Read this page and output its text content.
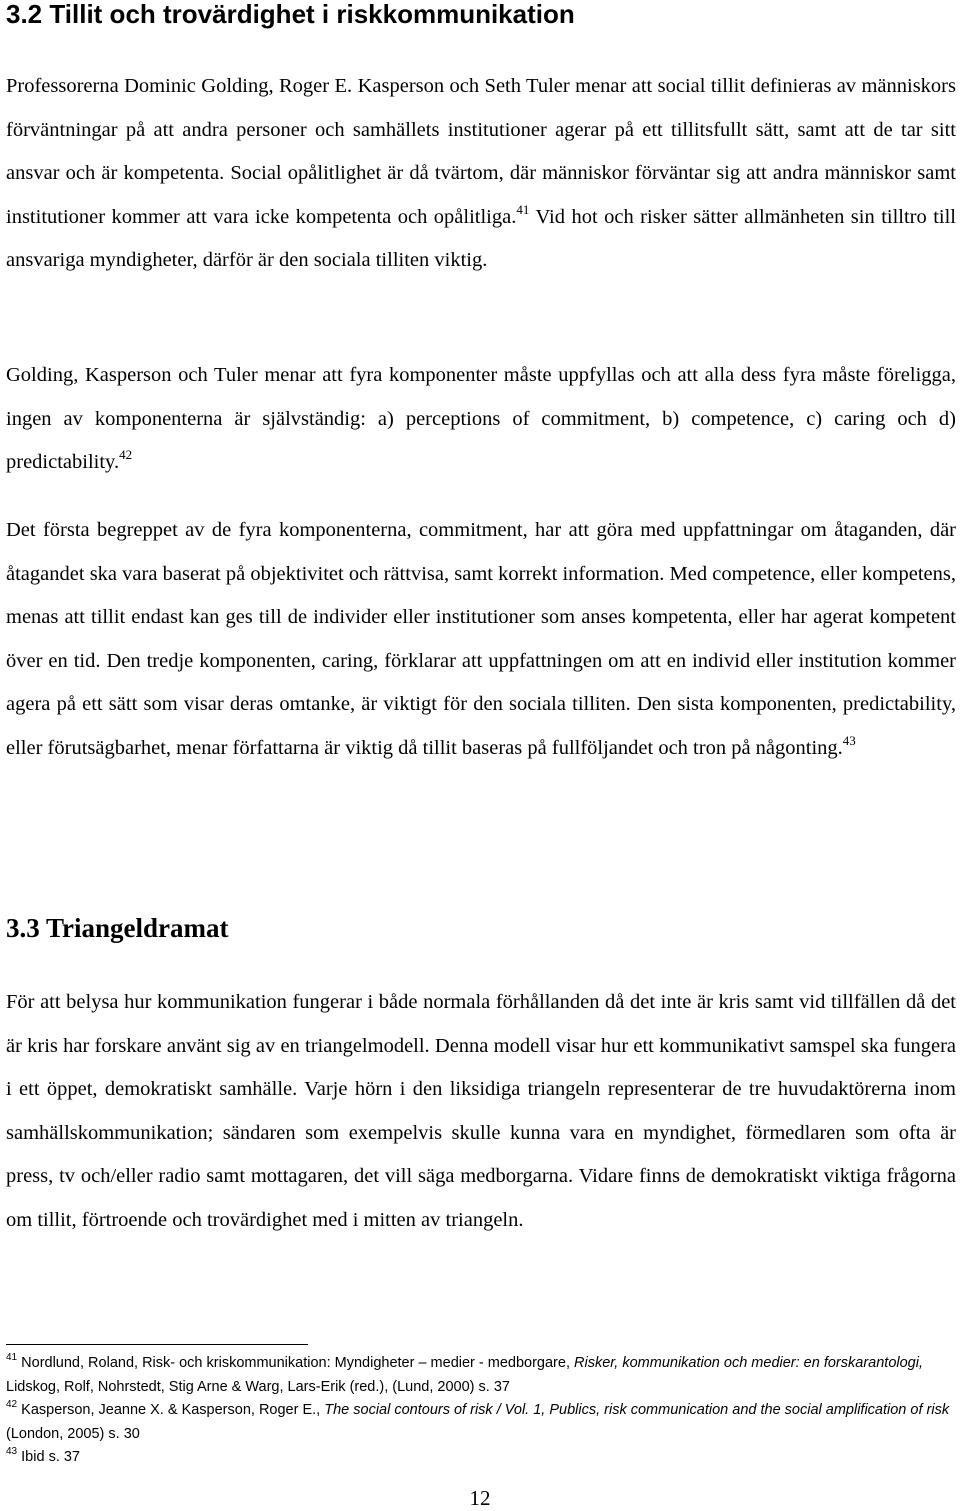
3.2 Tillit och trovärdighet i riskkommunikation

Professorerna Dominic Golding, Roger E. Kasperson och Seth Tuler menar att social tillit definieras av människors förväntningar på att andra personer och samhällets institutioner agerar på ett tillitsfullt sätt, samt att de tar sitt ansvar och är kompetenta. Social opålitlighet är då tvärtom, där människor förväntar sig att andra människor samt institutioner kommer att vara icke kompetenta och opålitliga.$^{41}$ Vid hot och risker sätter allmänheten sin tilltro till ansvariga myndigheter, därför är den sociala tilliten viktig.

Golding, Kasperson och Tuler menar att fyra komponenter måste uppfyllas och att alla dess fyra måste föreligga, ingen av komponenterna är självständig: a) perceptions of commitment, b) competence, c) caring och d) predictability.$^{42}$

Det första begreppet av de fyra komponenterna, commitment, har att göra med uppfattningar om åtaganden, där åtagandet ska vara baserat på objektivitet och rättvisa, samt korrekt information. Med competence, eller kompetens, menas att tillit endast kan ges till de individer eller institutioner som anses kompetenta, eller har agerat kompetent över en tid. Den tredje komponenten, caring, förklarar att uppfattningen om att en individ eller institution kommer agera på ett sätt som visar deras omtanke, är viktigt för den sociala tilliten. Den sista komponenten, predictability, eller förutsägbarhet, menar författarna är viktig då tillit baseras på fullföljandet och tron på någonting.$^{43}$

3.3 Triangeldramat

För att belysa hur kommunikation fungerar i både normala förhållanden då det inte är kris samt vid tillfällen då det är kris har forskare använt sig av en triangelmodell. Denna modell visar hur ett kommunikativt samspel ska fungera i ett öppet, demokratiskt samhälle. Varje hörn i den liksidiga triangeln representerar de tre huvudaktörerna inom samhällskommunikation; sändaren som exempelvis skulle kunna vara en myndighet, förmedlaren som ofta är press, tv och/eller radio samt mottagaren, det vill säga medborgarna. Vidare finns de demokratiskt viktiga frågorna om tillit, förtroende och trovärdighet med i mitten av triangeln.

$^{41}$ Nordlund, Roland, Risk- och kriskommunikation: Myndigheter – medier - medborgare, Risker, kommunikation och medier: en forskarantologi, Lidskog, Rolf, Nohrstedt, Stig Arne & Warg, Lars-Erik (red.), (Lund, 2000) s. 37

$^{42}$ Kasperson, Jeanne X. & Kasperson, Roger E., The social contours of risk / Vol. 1, Publics, risk communication and the social amplification of risk (London, 2005) s. 30

$^{43}$ Ibid s. 37

12
